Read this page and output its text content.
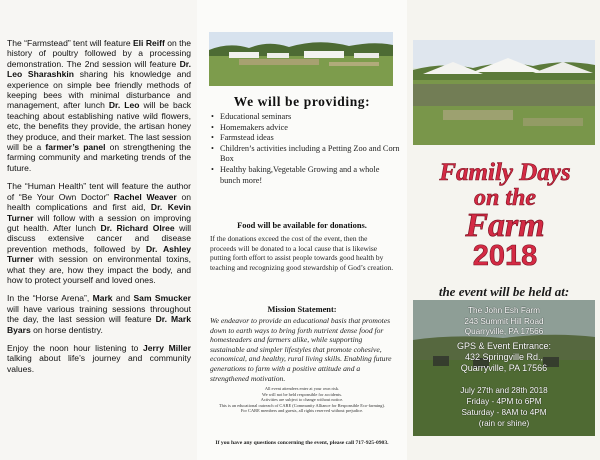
The “Farmstead” tent will feature Eli Reiff on the history of poultry followed by a processing demonstration. The 2nd session will feature Dr. Leo Sharashkin sharing his knowledge and experience on simple bee friendly methods of keeping bees with minimal disturbance and management, after lunch Dr. Leo will be back teaching about establishing native wild flowers, etc, the benefits they provide, the artisan honey they produce, and their market. The last session will be a farmer’s panel on strengthening the farming community and marketing trends of the future.

The “Human Health” tent will feature the author of “Be Your Own Doctor” Rachel Weaver on health complications and first aid, Dr. Kevin Turner will follow with a session on improving gut health. After lunch Dr. Richard Olree will discuss extensive cancer and disease prevention methods, followed by Dr. Ashley Turner with session on environmental toxins, what they are, how they impact the body, and how to protect yourself and loved ones.

In the “Horse Arena”, Mark and Sam Smucker will have various training sessions throughout the day, the last session will feature Dr. Mark Byars on horse dentistry.

Enjoy the noon hour listening to Jerry Miller talking about life’s journey and community values.

We will be providing:
• Educational seminars
• Homemakers advice
• Farmstead ideas
• Children’s activities including a Petting Zoo and Corn Box
• Healthy baking,Vegetable Growing and a whole bunch more!
Food will be available for donations.
If the donations exceed the cost of the event, then the proceeds will be donated to a local cause that is likewise putting forth effort to assist people towards good health by teaching and recognizing good stewardship of God’s creation.
Mission Statement:
We endeavor to provide an educational basis that promotes down to earth ways to bring forth nutrient dense food for homesteaders and farmers alike, while supporting sustainable and simpler lifestyles that promote cohesive, economical, and healthy, rural living skills. Enabling future generations to farm with a positive attitude and a strengthened motivation.
All event attendees enter at your own risk.
We will not be held responsible for accidents.
Activities are subject to change without notice.
This is an educational outreach of CARE (Community Alliance for Responsible Eco-farming).
For CARE members and guests, all rights reserved without prejudice.
If you have any questions concerning the event, please call 717-925-0903.
Family Days
on the
Farm
2018
the event will be held at:
The John Esh Farm
243 Summit Hill Road
Quarryville, PA 17566
GPS & Event Entrance:
432 Springville Rd.,
Quarryville, PA 17566
July 27th and 28th 2018
Friday - 4PM to 6PM
Saturday - 8AM to 4PM
(rain or shine)
